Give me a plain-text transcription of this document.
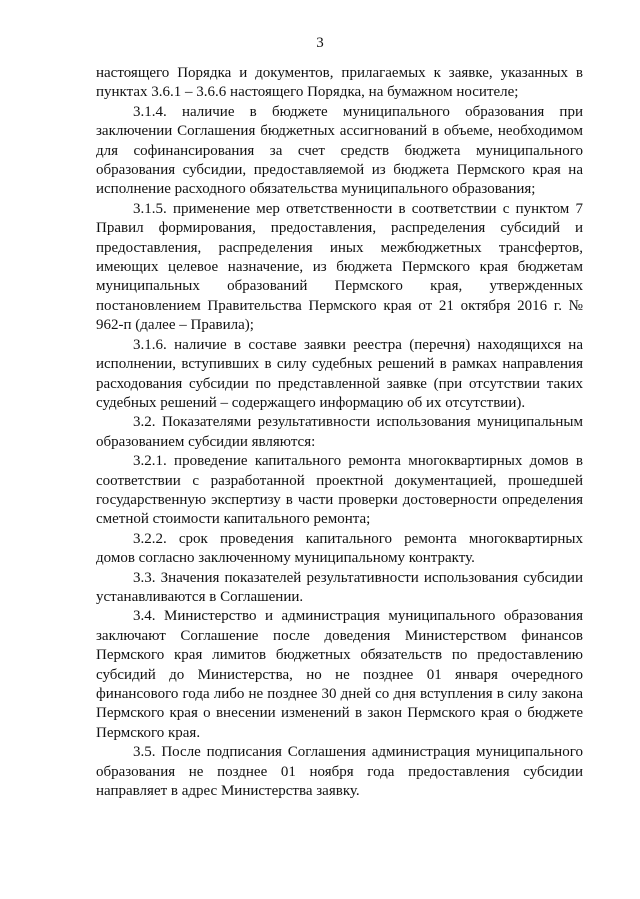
3

настоящего Порядка и документов, прилагаемых к заявке, указанных в пунктах 3.6.1 – 3.6.6 настоящего Порядка, на бумажном носителе;

3.1.4. наличие в бюджете муниципального образования при заключении Соглашения бюджетных ассигнований в объеме, необходимом для софинансирования за счет средств бюджета муниципального образования субсидии, предоставляемой из бюджета Пермского края на исполнение расходного обязательства муниципального образования;

3.1.5. применение мер ответственности в соответствии с пунктом 7 Правил формирования, предоставления, распределения субсидий и предоставления, распределения иных межбюджетных трансфертов, имеющих целевое назначение, из бюджета Пермского края бюджетам муниципальных образований Пермского края, утвержденных постановлением Правительства Пермского края от 21 октября 2016 г. № 962-п (далее – Правила);

3.1.6. наличие в составе заявки реестра (перечня) находящихся на исполнении, вступивших в силу судебных решений в рамках направления расходования субсидии по представленной заявке (при отсутствии таких судебных решений – содержащего информацию об их отсутствии).

3.2. Показателями результативности использования муниципальным образованием субсидии являются:

3.2.1. проведение капитального ремонта многоквартирных домов в соответствии с разработанной проектной документацией, прошедшей государственную экспертизу в части проверки достоверности определения сметной стоимости капитального ремонта;

3.2.2. срок проведения капитального ремонта многоквартирных домов согласно заключенному муниципальному контракту.

3.3. Значения показателей результативности использования субсидии устанавливаются в Соглашении.

3.4. Министерство и администрация муниципального образования заключают Соглашение после доведения Министерством финансов Пермского края лимитов бюджетных обязательств по предоставлению субсидий до Министерства, но не позднее 01 января очередного финансового года либо не позднее 30 дней со дня вступления в силу закона Пермского края о внесении изменений в закон Пермского края о бюджете Пермского края.

3.5. После подписания Соглашения администрация муниципального образования не позднее 01 ноября года предоставления субсидии направляет в адрес Министерства заявку.
